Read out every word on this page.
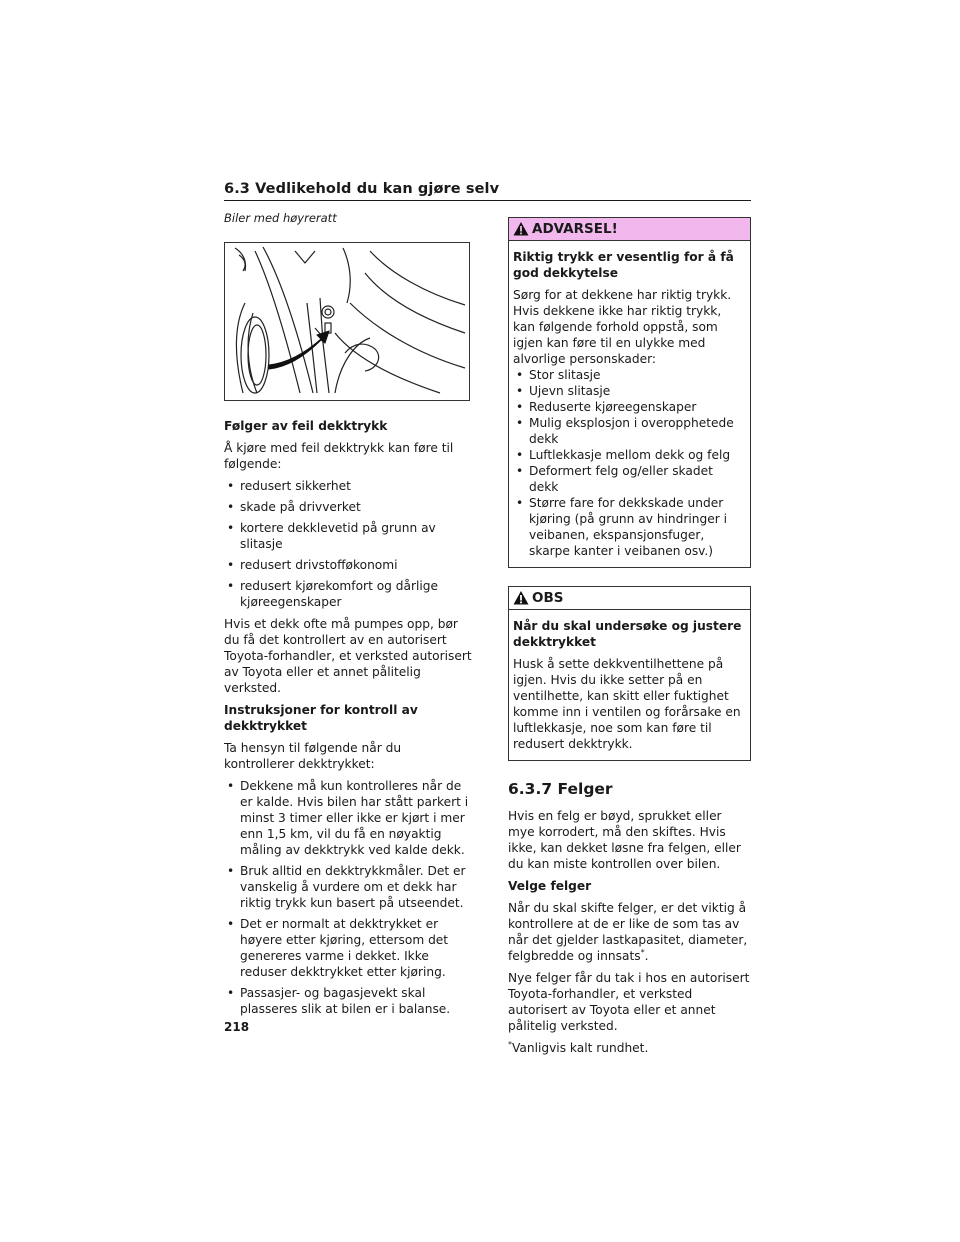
6.3 Vedlikehold du kan gjøre selv
Biler med høyreratt
Følger av feil dekktrykk

Å kjøre med feil dekktrykk kan føre til følgende:

• redusert sikkerhet
• skade på drivverket
• kortere dekklevetid på grunn av slitasje
• redusert drivstofføkonomi
• redusert kjørekomfort og dårlige kjøreegenskaper

Hvis et dekk ofte må pumpes opp, bør du få det kontrollert av en autorisert Toyota-forhandler, et verksted autorisert av Toyota eller et annet pålitelig verksted.

Instruksjoner for kontroll av dekktrykket

Ta hensyn til følgende når du kontrollerer dekktrykket:

• Dekkene må kun kontrolleres når de er kalde. Hvis bilen har stått parkert i minst 3 timer eller ikke er kjørt i mer enn 1,5 km, vil du få en nøyaktig måling av dekktrykk ved kalde dekk.
• Bruk alltid en dekktrykkmåler. Det er vanskelig å vurdere om et dekk har riktig trykk kun basert på utseendet.
• Det er normalt at dekktrykket er høyere etter kjøring, ettersom det genereres varme i dekket. Ikke reduser dekktrykket etter kjøring.
• Passasjer- og bagasjevekt skal plasseres slik at bilen er i balanse.
ADVARSEL!
Riktig trykk er vesentlig for å få god dekkytelse

Sørg for at dekkene har riktig trykk. Hvis dekkene ikke har riktig trykk, kan følgende forhold oppstå, som igjen kan føre til en ulykke med alvorlige personskader:

• Stor slitasje
• Ujevn slitasje
• Reduserte kjøreegenskaper
• Mulig eksplosjon i overopphetede dekk
• Luftlekkasje mellom dekk og felg
• Deformert felg og/eller skadet dekk
• Større fare for dekkskade under kjøring (på grunn av hindringer i veibanen, ekspansjonsfuger, skarpe kanter i veibanen osv.)
OBS
Når du skal undersøke og justere dekktrykket

Husk å sette dekkventilhettene på igjen. Hvis du ikke setter på en ventilhette, kan skitt eller fuktighet komme inn i ventilen og forårsake en luftlekkasje, noe som kan føre til redusert dekktrykk.

6.3.7 Felger

Hvis en felg er bøyd, sprukket eller mye korrodert, må den skiftes. Hvis ikke, kan dekket løsne fra felgen, eller du kan miste kontrollen over bilen.

Velge felger

Når du skal skifte felger, er det viktig å kontrollere at de er like de som tas av når det gjelder lastkapasitet, diameter, felgbredde og innsats*.

Nye felger får du tak i hos en autorisert Toyota-forhandler, et verksted autorisert av Toyota eller et annet pålitelig verksted.

*Vanligvis kalt rundhet.

218
